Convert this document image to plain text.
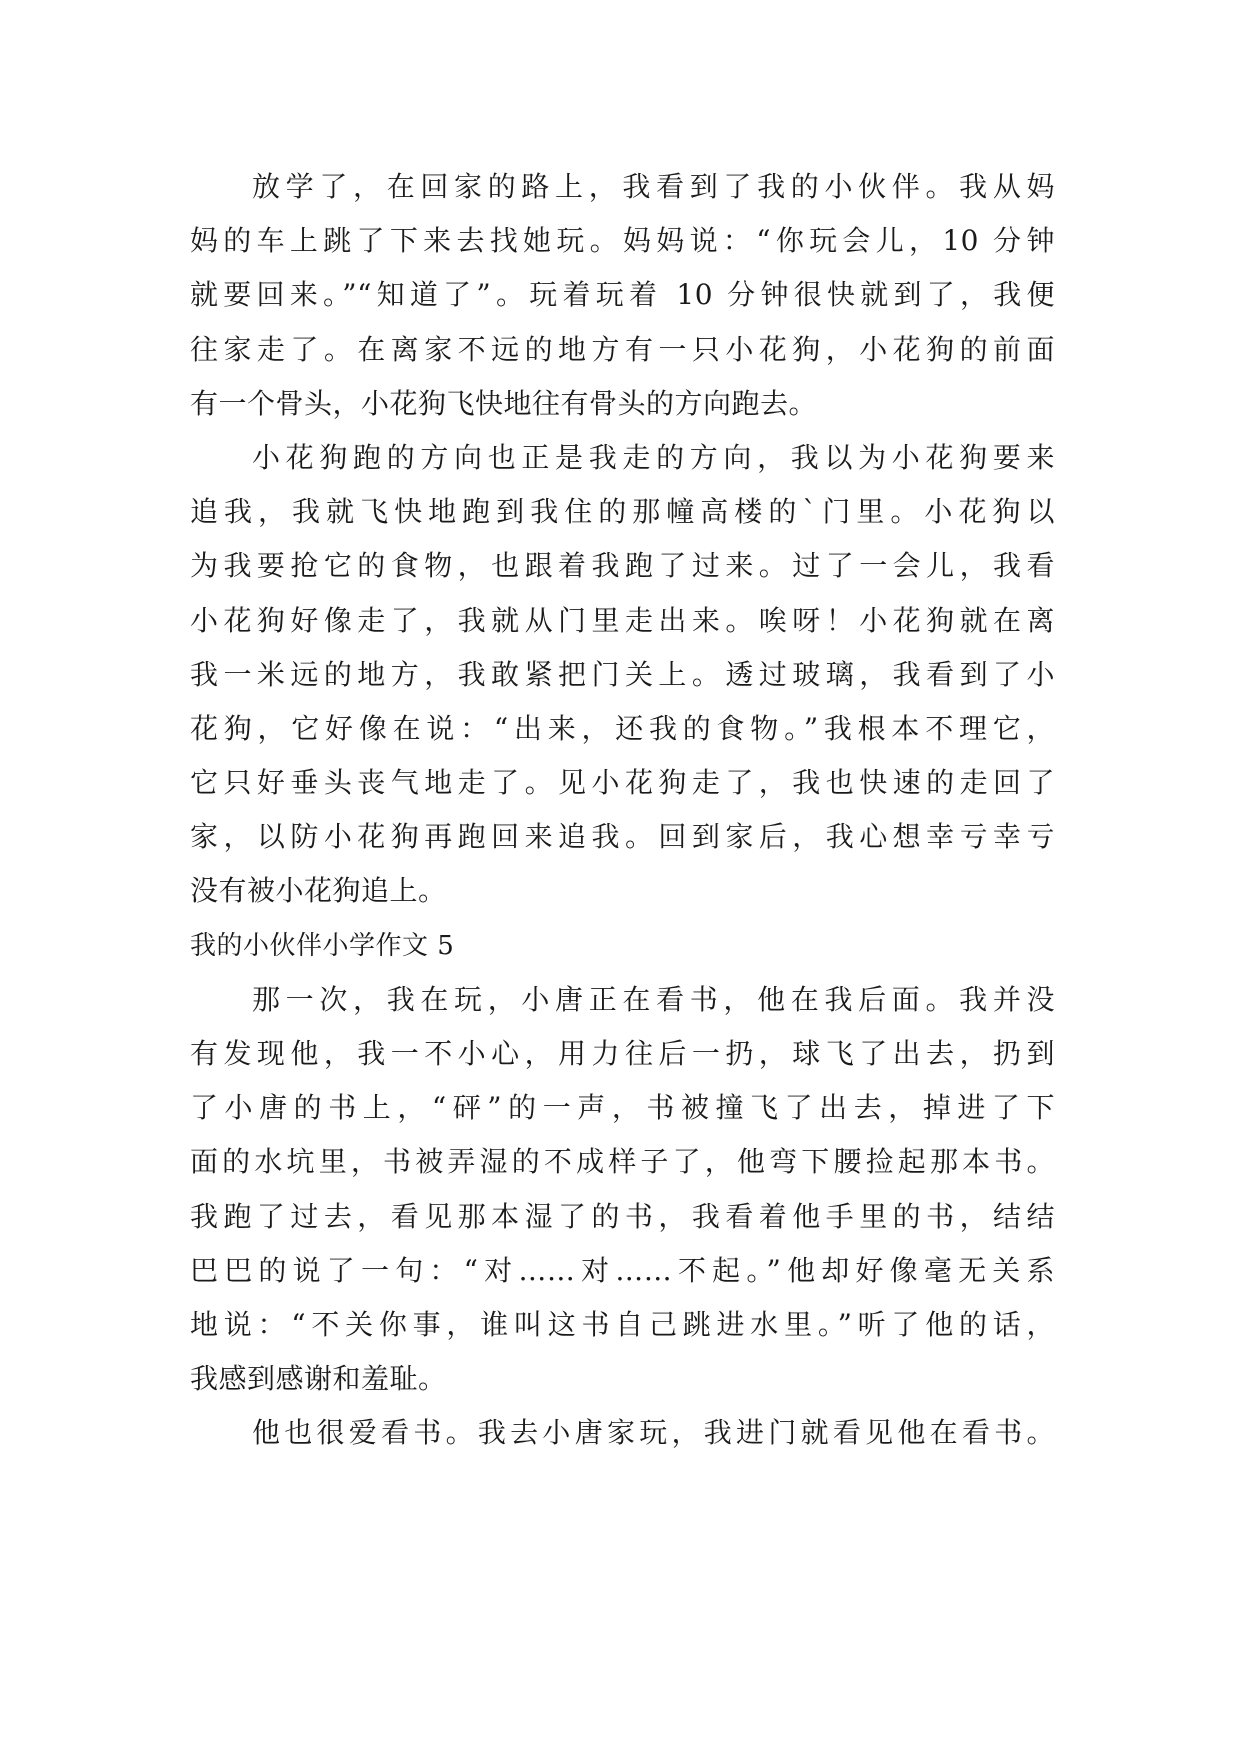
放学了，在回家的路上，我看到了我的小伙伴。我从妈
妈的车上跳了下来去找她玩。妈妈说：“你玩会儿，10 分钟
就要回来。”“知道了”。玩着玩着 10 分钟很快就到了，我便
往家走了。在离家不远的地方有一只小花狗，小花狗的前面
有一个骨头，小花狗飞快地往有骨头的方向跑去。
小花狗跑的方向也正是我走的方向，我以为小花狗要来
追我，我就飞快地跑到我住的那幢高楼的`门里。小花狗以
为我要抢它的食物，也跟着我跑了过来。过了一会儿，我看
小花狗好像走了，我就从门里走出来。唉呀！小花狗就在离
我一米远的地方，我敢紧把门关上。透过玻璃，我看到了小
花狗，它好像在说：“出来，还我的食物。”我根本不理它，
它只好垂头丧气地走了。见小花狗走了，我也快速的走回了
家，以防小花狗再跑回来追我。回到家后，我心想幸亏幸亏
没有被小花狗追上。
我的小伙伴小学作文 5
那一次，我在玩，小唐正在看书，他在我后面。我并没
有发现他，我一不小心，用力往后一扔，球飞了出去，扔到
了小唐的书上，“砰”的一声，书被撞飞了出去，掉进了下
面的水坑里，书被弄湿的不成样子了，他弯下腰捡起那本书。
我跑了过去，看见那本湿了的书，我看着他手里的书，结结
巴巴的说了一句：“对……对……不起。”他却好像毫无关系
地说：“不关你事，谁叫这书自己跳进水里。”听了他的话，
我感到感谢和羞耻。
他也很爱看书。我去小唐家玩，我进门就看见他在看书。
